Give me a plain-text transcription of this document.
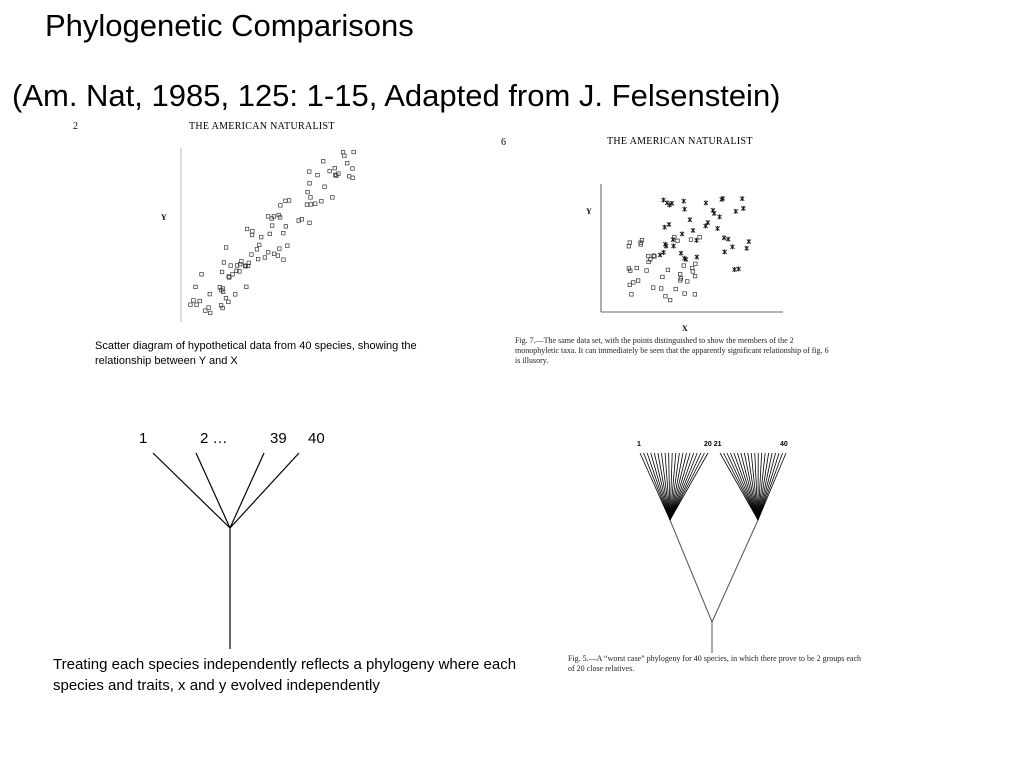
Phylogenetic Comparisons
(Am. Nat, 1985, 125: 1-15, Adapted from J. Felsenstein)
2	THE AMERICAN NATURALIST
Y
Scatter diagram of hypothetical data from 40 species, showing the relationship between Y and X
6	THE AMERICAN NATURALIST
Y
X
Fig. 7.—The same data set, with the points distinguished to show the members of the 2 monophyletic taxa. It can immediately be seen that the apparently significant relationship of fig. 6 is illusory.
1	2 …	39 40
Treating each species independently reflects a phylogeny where each species and traits, x and y evolved independently
1	20 21	40
Fig. 5.—A “worst case” phylogeny for 40 species, in which there prove to be 2 groups each of 20 close relatives.
